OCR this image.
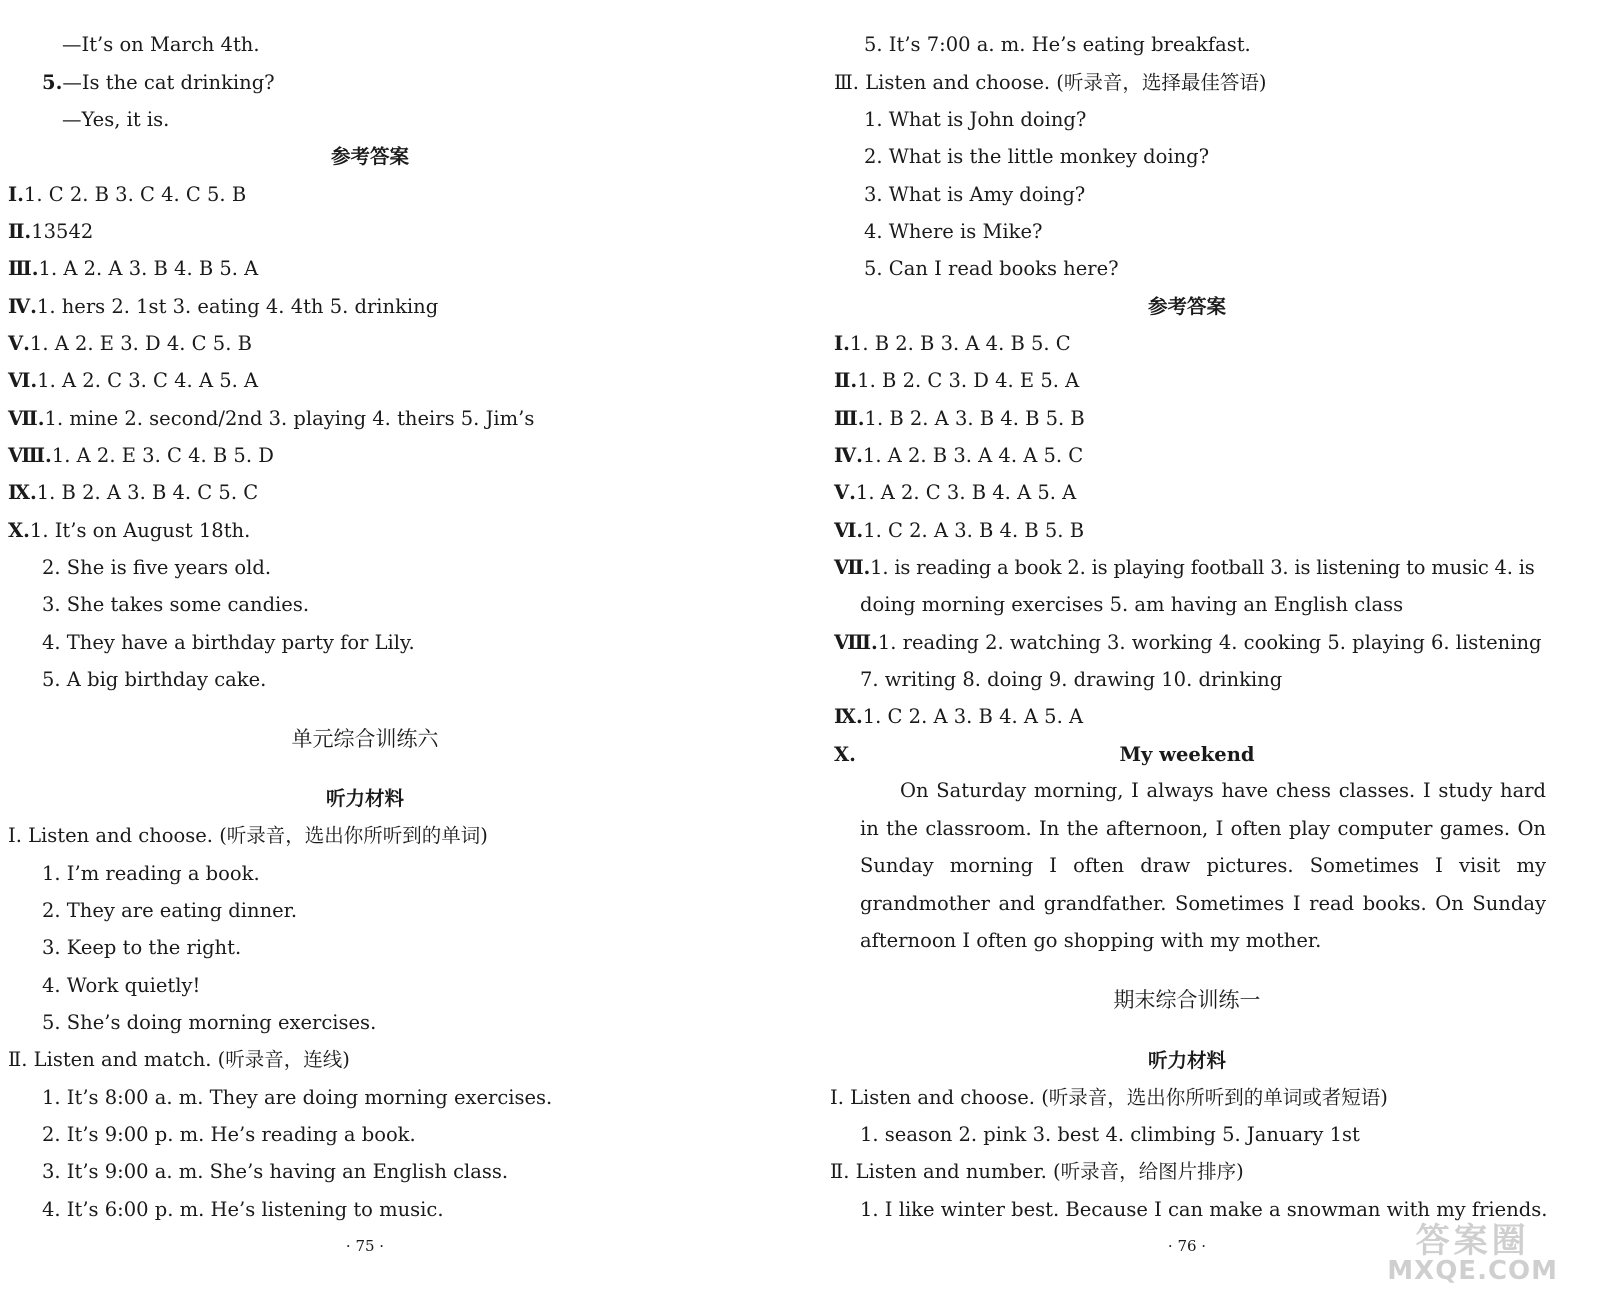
—It’s on March 4th.
5.—Is the cat drinking?
—Yes, it is.
参考答案
Ⅰ.1. C 2. B 3. C 4. C 5. B
Ⅱ.13542
Ⅲ.1. A 2. A 3. B 4. B 5. A
Ⅳ.1. hers 2. 1st 3. eating 4. 4th 5. drinking
Ⅴ.1. A 2. E 3. D 4. C 5. B
Ⅵ.1. A 2. C 3. C 4. A 5. A
Ⅶ.1. mine 2. second/2nd 3. playing 4. theirs 5. Jim’s
Ⅷ.1. A 2. E 3. C 4. B 5. D
Ⅸ.1. B 2. A 3. B 4. C 5. C
Ⅹ.1. It’s on August 18th.
2. She is five years old.
3. She takes some candies.
4. They have a birthday party for Lily.
5. A big birthday cake.
单元综合训练六
听力材料
Ⅰ. Listen and choose. (听录音，选出你所听到的单词)
1. I’m reading a book.
2. They are eating dinner.
3. Keep to the right.
4. Work quietly!
5. She’s doing morning exercises.
Ⅱ. Listen and match. (听录音，连线)
1. It’s 8:00 a. m. They are doing morning exercises.
2. It’s 9:00 p. m. He’s reading a book.
3. It’s 9:00 a. m. She’s having an English class.
4. It’s 6:00 p. m. He’s listening to music.
· 75 ·
5. It’s 7:00 a. m. He’s eating breakfast.
Ⅲ. Listen and choose. (听录音，选择最佳答语)
1. What is John doing?
2. What is the little monkey doing?
3. What is Amy doing?
4. Where is Mike?
5. Can I read books here?
参考答案
Ⅰ.1. B 2. B 3. A 4. B 5. C
Ⅱ.1. B 2. C 3. D 4. E 5. A
Ⅲ.1. B 2. A 3. B 4. B 5. B
Ⅳ.1. A 2. B 3. A 4. A 5. C
Ⅴ.1. A 2. C 3. B 4. A 5. A
Ⅵ.1. C 2. A 3. B 4. B 5. B
Ⅶ.1. is reading a book 2. is playing football 3. is listening to music 4. is
doing morning exercises 5. am having an English class
Ⅷ.1. reading 2. watching 3. working 4. cooking 5. playing 6. listening
7. writing 8. doing 9. drawing 10. drinking
Ⅸ.1. C 2. A 3. B 4. A 5. A
Ⅹ.	My weekend
On Saturday morning, I always have chess classes. I study hard in the classroom. In the afternoon, I often play computer games. On Sunday morning I often draw pictures. Sometimes I visit my grandmother and grandfather. Sometimes I read books. On Sunday afternoon I often go shopping with my mother.
期末综合训练一
听力材料
Ⅰ. Listen and choose. (听录音，选出你所听到的单词或者短语)
1. season 2. pink 3. best 4. climbing 5. January 1st
Ⅱ. Listen and number. (听录音，给图片排序)
1. I like winter best. Because I can make a snowman with my friends.
· 76 ·	答案圈
MXQE.COM
